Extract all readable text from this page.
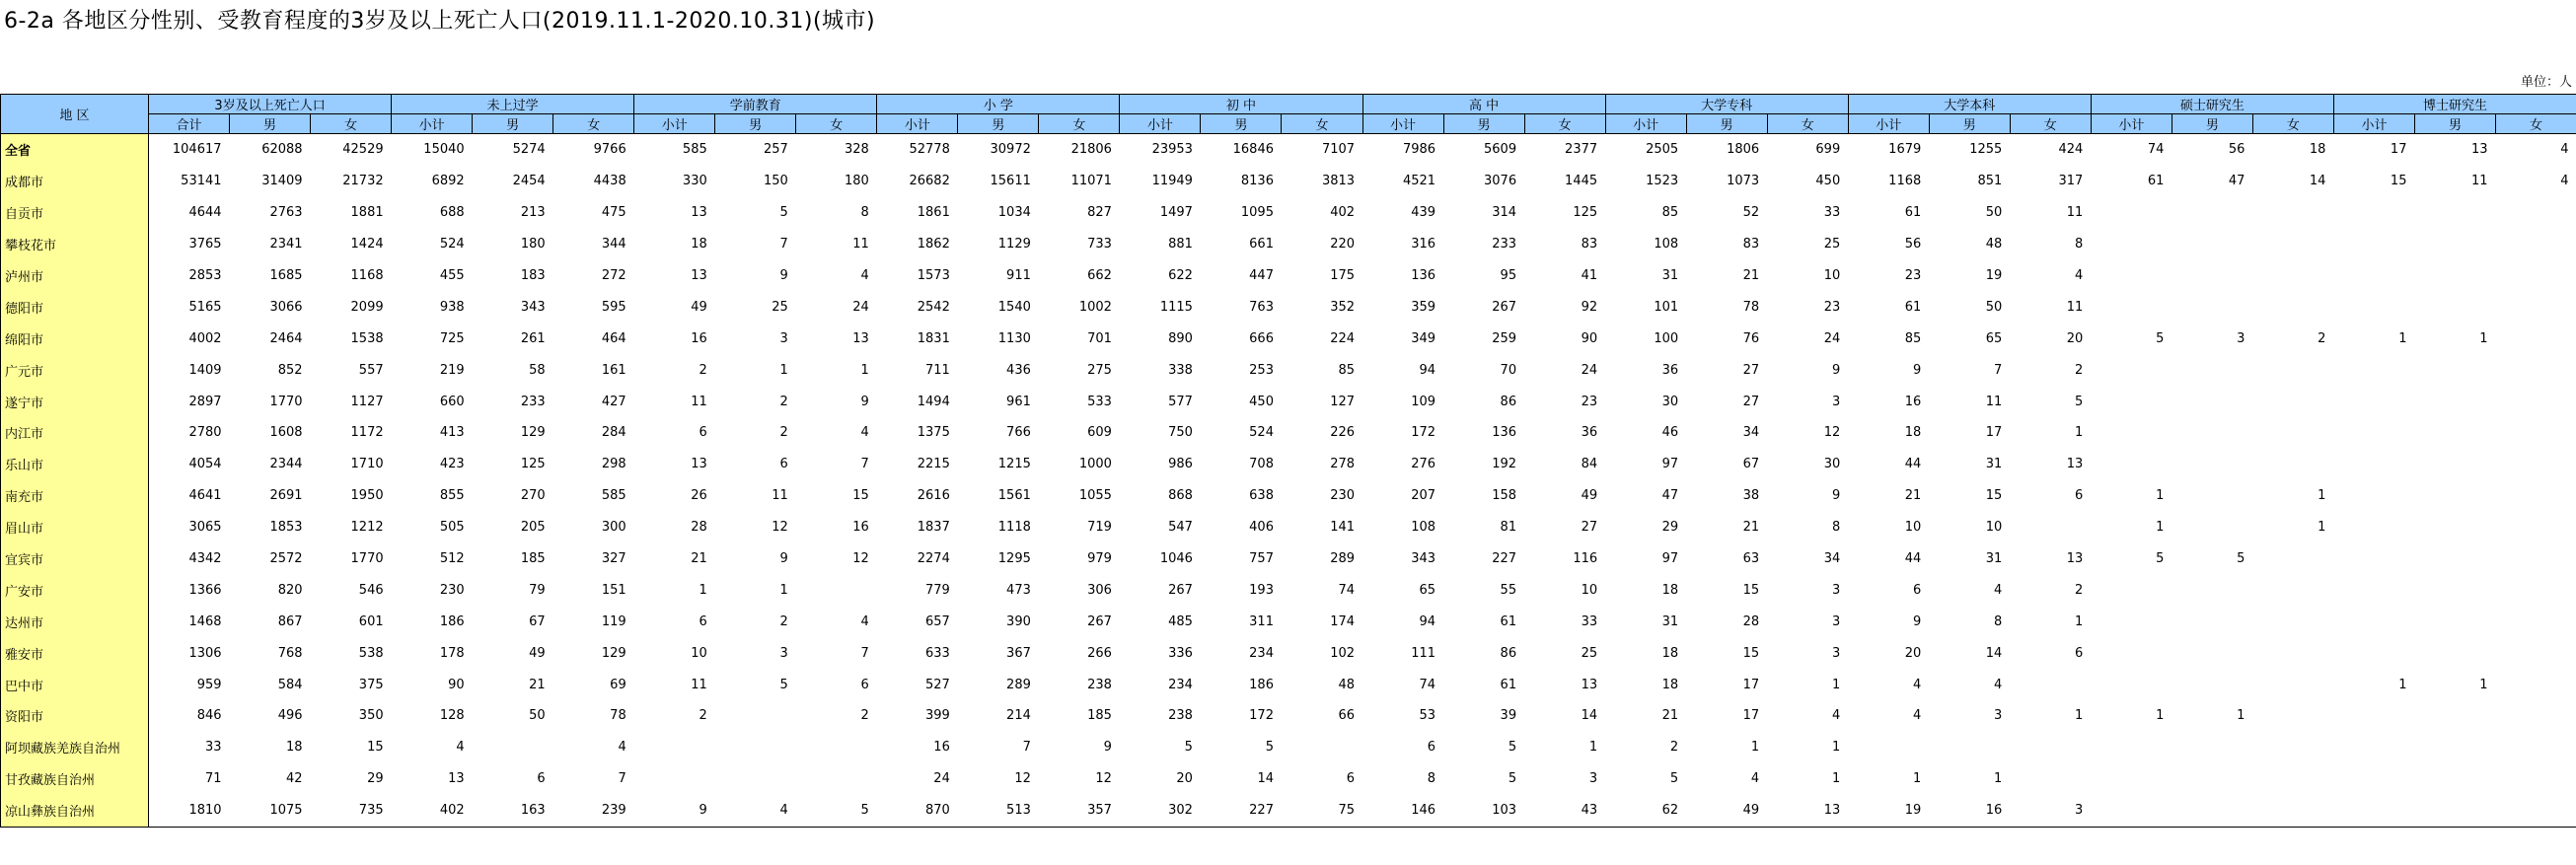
6-2a 各地区分性别、受教育程度的3岁及以上死亡人口(2019.11.1-2020.10.31)(城市)
单位：人
地 区	3岁及以上死亡人口			未上过学			学前教育			小 学			初 中			高 中			大学专科			大学本科			硕士研究生			博士研究生		
	合计	男	女	小计	男	女	小计	男	女	小计	男	女	小计	男	女	小计	男	女	小计	男	女	小计	男	女	小计	男	女	小计	男	女
全省	104617	62088	42529	15040	5274	9766	585	257	328	52778	30972	21806	23953	16846	7107	7986	5609	2377	2505	1806	699	1679	1255	424	74	56	18	17	13	4
成都市	53141	31409	21732	6892	2454	4438	330	150	180	26682	15611	11071	11949	8136	3813	4521	3076	1445	1523	1073	450	1168	851	317	61	47	14	15	11	4
自贡市	4644	2763	1881	688	213	475	13	5	8	1861	1034	827	1497	1095	402	439	314	125	85	52	33	61	50	11						
攀枝花市	3765	2341	1424	524	180	344	18	7	11	1862	1129	733	881	661	220	316	233	83	108	83	25	56	48	8						
泸州市	2853	1685	1168	455	183	272	13	9	4	1573	911	662	622	447	175	136	95	41	31	21	10	23	19	4						
德阳市	5165	3066	2099	938	343	595	49	25	24	2542	1540	1002	1115	763	352	359	267	92	101	78	23	61	50	11						
绵阳市	4002	2464	1538	725	261	464	16	3	13	1831	1130	701	890	666	224	349	259	90	100	76	24	85	65	20	5	3	2	1	1	
广元市	1409	852	557	219	58	161	2	1	1	711	436	275	338	253	85	94	70	24	36	27	9	9	7	2						
遂宁市	2897	1770	1127	660	233	427	11	2	9	1494	961	533	577	450	127	109	86	23	30	27	3	16	11	5						
内江市	2780	1608	1172	413	129	284	6	2	4	1375	766	609	750	524	226	172	136	36	46	34	12	18	17	1						
乐山市	4054	2344	1710	423	125	298	13	6	7	2215	1215	1000	986	708	278	276	192	84	97	67	30	44	31	13						
南充市	4641	2691	1950	855	270	585	26	11	15	2616	1561	1055	868	638	230	207	158	49	47	38	9	21	15	6	1		1			
眉山市	3065	1853	1212	505	205	300	28	12	16	1837	1118	719	547	406	141	108	81	27	29	21	8	10	10		1		1			
宜宾市	4342	2572	1770	512	185	327	21	9	12	2274	1295	979	1046	757	289	343	227	116	97	63	34	44	31	13	5	5				
广安市	1366	820	546	230	79	151	1	1		779	473	306	267	193	74	65	55	10	18	15	3	6	4	2						
达州市	1468	867	601	186	67	119	6	2	4	657	390	267	485	311	174	94	61	33	31	28	3	9	8	1						
雅安市	1306	768	538	178	49	129	10	3	7	633	367	266	336	234	102	111	86	25	18	15	3	20	14	6						
巴中市	959	584	375	90	21	69	11	5	6	527	289	238	234	186	48	74	61	13	18	17	1	4	4					1	1	
资阳市	846	496	350	128	50	78	2		2	399	214	185	238	172	66	53	39	14	21	17	4	4	3	1	1	1				
阿坝藏族羌族自治州	33	18	15	4		4				16	7	9	5	5		6	5	1	2	1	1									
甘孜藏族自治州	71	42	29	13	6	7				24	12	12	20	14	6	8	5	3	5	4	1	1	1							
凉山彝族自治州	1810	1075	735	402	163	239	9	4	5	870	513	357	302	227	75	146	103	43	62	49	13	19	16	3						
